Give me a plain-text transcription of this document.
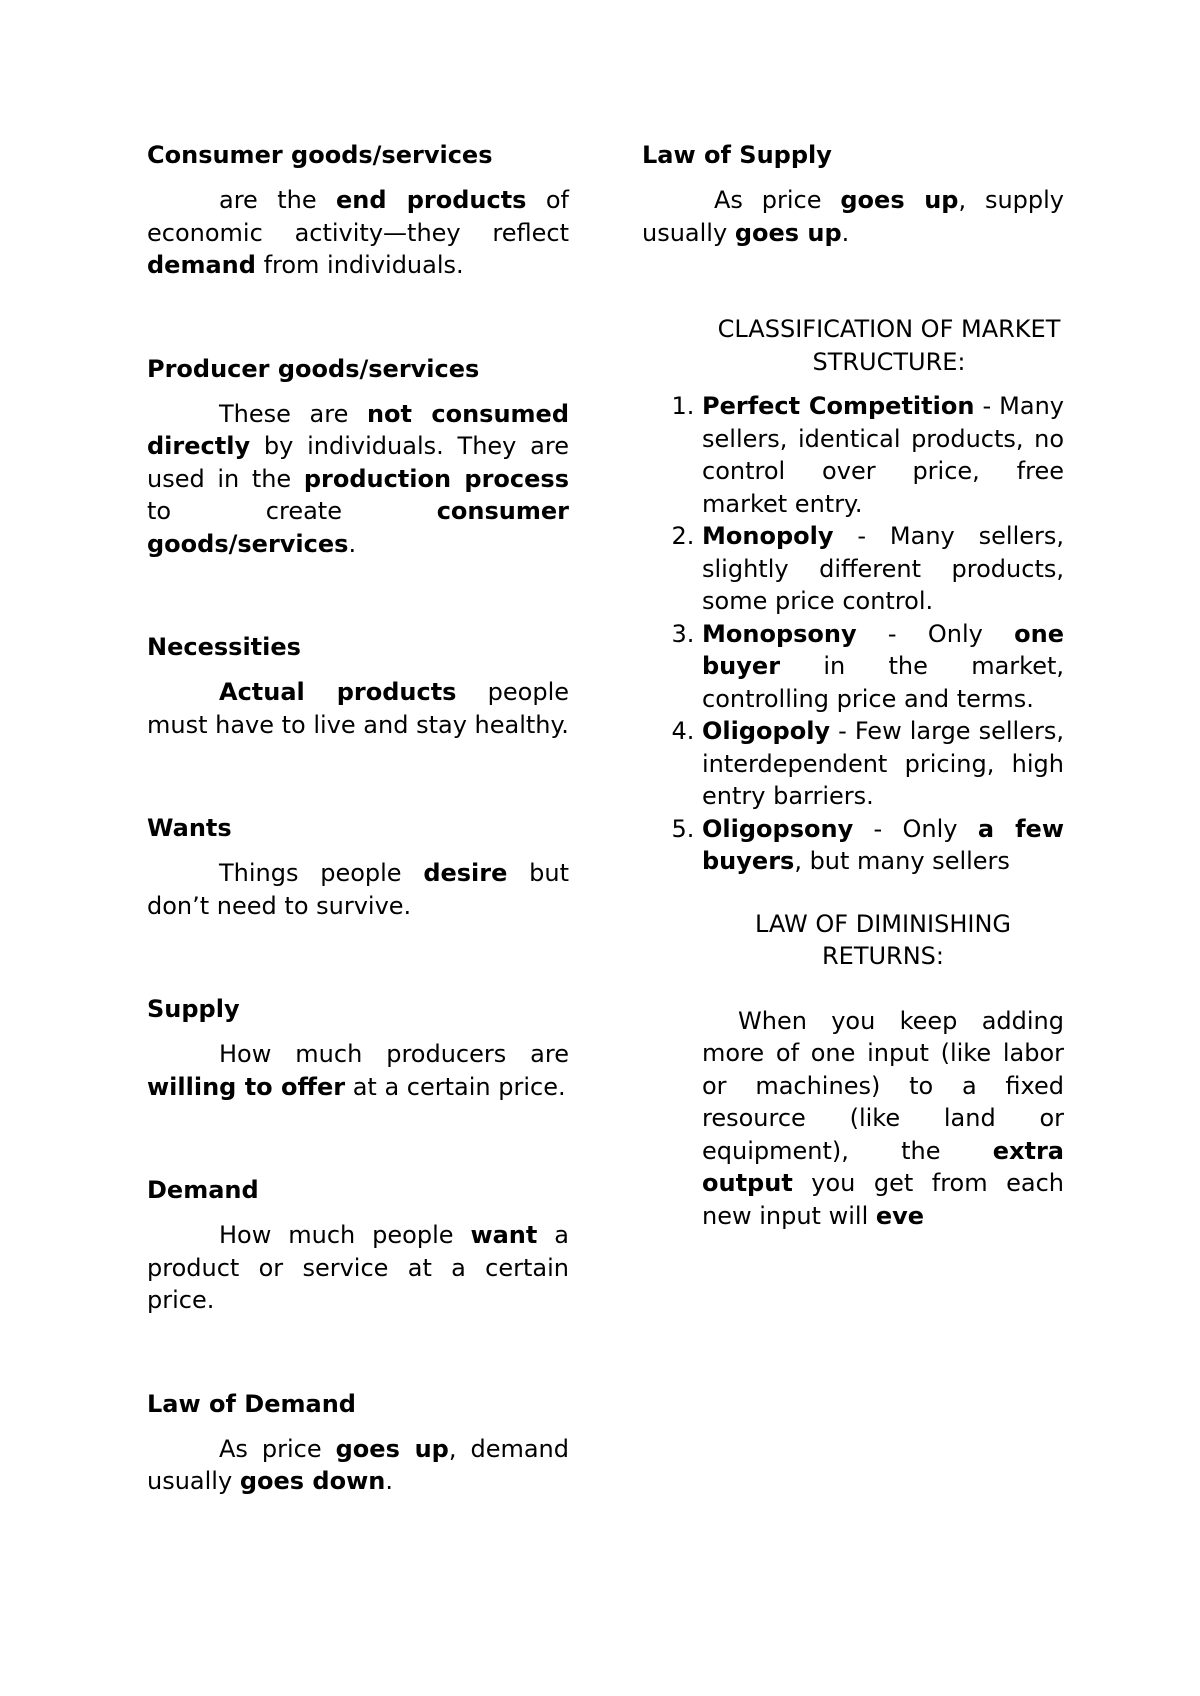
Consumer goods/services

are the end products of economic activity—they reflect demand from individuals.

Producer goods/services

These are not consumed directly by individuals. They are used in the production process to create consumer goods/services.

Necessities

Actual products people must have to live and stay healthy.

Wants

Things people desire but don’t need to survive.

Supply

How much producers are willing to offer at a certain price.

Demand

How much people want a product or service at a certain price.

Law of Demand

As price goes up, demand usually goes down.

Law of Supply

As price goes up, supply usually goes up.

CLASSIFICATION OF MARKET STRUCTURE:

1. Perfect Competition - Many sellers, identical products, no control over price, free market entry.
2. Monopoly - Many sellers, slightly different products, some price control.
3. Monopsony - Only one buyer in the market, controlling price and terms.
4. Oligopoly - Few large sellers, interdependent pricing, high entry barriers.
5. Oligopsony - Only a few buyers, but many sellers

LAW OF DIMINISHING RETURNS:

When you keep adding more of one input (like labor or machines) to a fixed resource (like land or equipment), the extra output you get from each new input will eve
